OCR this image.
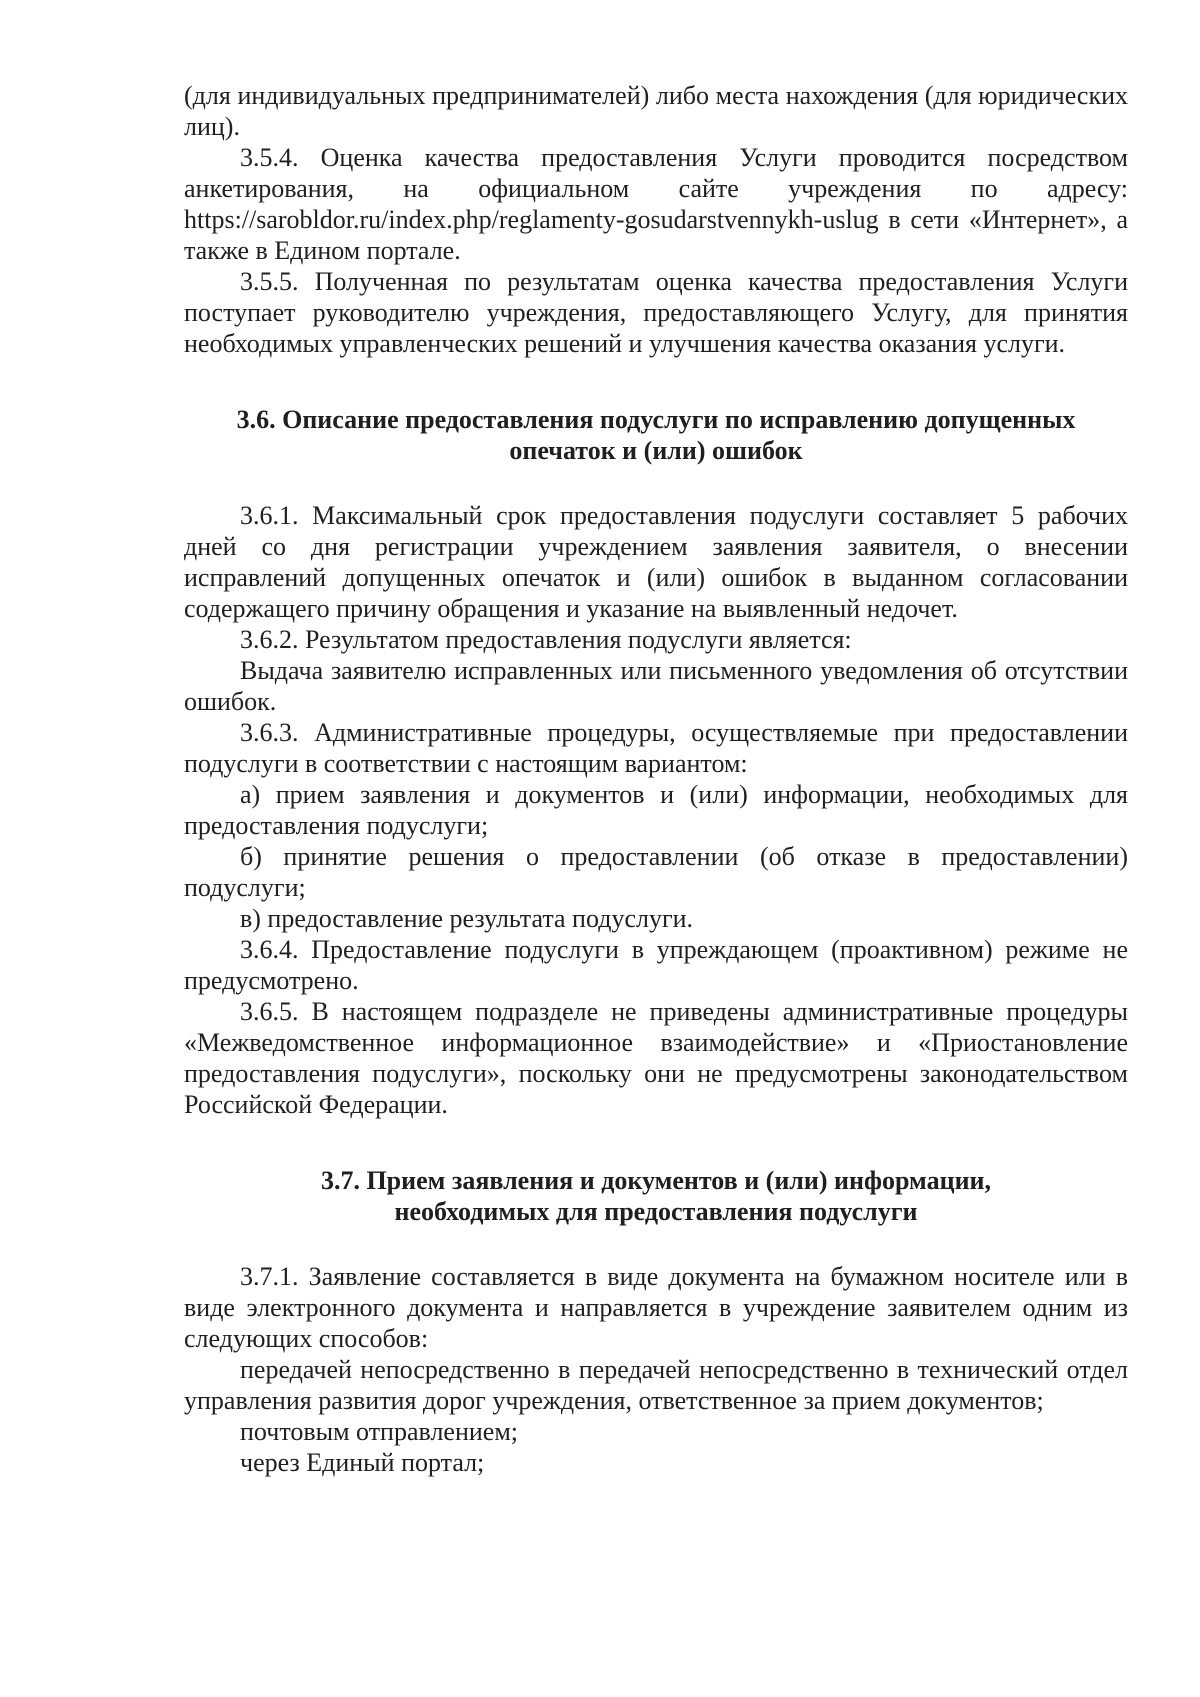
(для индивидуальных предпринимателей) либо места нахождения (для юридических лиц).

3.5.4. Оценка качества предоставления Услуги проводится посредством анкетирования, на официальном сайте учреждения по адресу: https://sarobldor.ru/index.php/reglamenty-gosudarstvennykh-uslug в сети «Интернет», а также в Едином портале.

3.5.5. Полученная по результатам оценка качества предоставления Услуги поступает руководителю учреждения, предоставляющего Услугу, для принятия необходимых управленческих решений и улучшения качества оказания услуги.

3.6. Описание предоставления подуслуги по исправлению допущенных
опечаток и (или) ошибок

3.6.1. Максимальный срок предоставления подуслуги составляет 5 рабочих дней со дня регистрации учреждением заявления заявителя, о внесении исправлений допущенных опечаток и (или) ошибок в выданном согласовании содержащего причину обращения и указание на выявленный недочет.

3.6.2. Результатом предоставления подуслуги является:

Выдача заявителю исправленных или письменного уведомления об отсутствии ошибок.

3.6.3. Административные процедуры, осуществляемые при предоставлении подуслуги в соответствии с настоящим вариантом:

а) прием заявления и документов и (или) информации, необходимых для предоставления подуслуги;

б) принятие решения о предоставлении (об отказе в предоставлении) подуслуги;

в) предоставление результата подуслуги.

3.6.4. Предоставление подуслуги в упреждающем (проактивном) режиме не предусмотрено.

3.6.5. В настоящем подразделе не приведены административные процедуры «Межведомственное информационное взаимодействие» и «Приостановление предоставления подуслуги», поскольку они не предусмотрены законодательством Российской Федерации.

3.7. Прием заявления и документов и (или) информации,
необходимых для предоставления подуслуги

3.7.1. Заявление составляется в виде документа на бумажном носителе или в виде электронного документа и направляется в учреждение заявителем одним из следующих способов:

передачей непосредственно в передачей непосредственно в технический отдел управления развития дорог учреждения, ответственное за прием документов;

почтовым отправлением;

через Единый портал;
